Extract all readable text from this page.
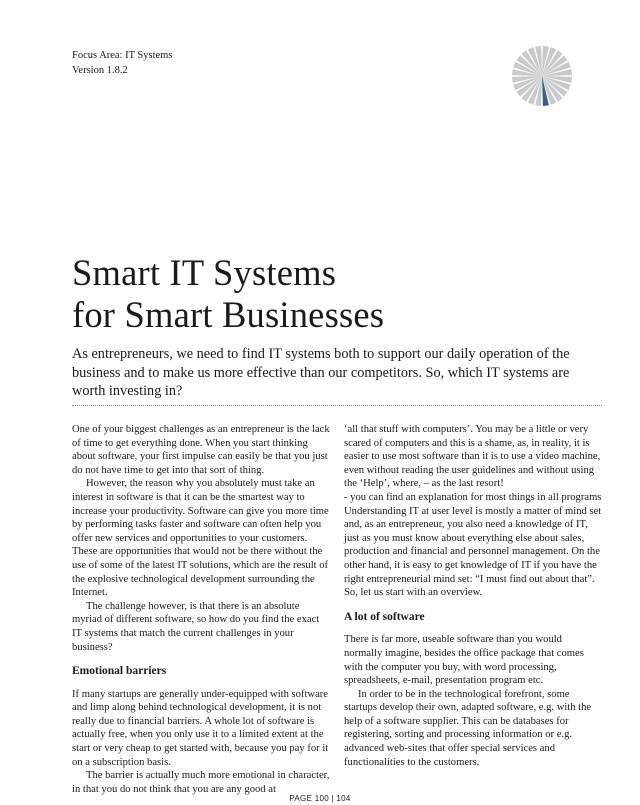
Focus Area: IT Systems
Version 1.8.2
Smart IT Systems
for Smart Businesses

As entrepreneurs, we need to find IT systems both to support our daily operation of the business and to make us more effective than our competitors. So, which IT systems are worth investing in?

One of your biggest challenges as an entrepreneur is the lack of time to get everything done. When you start thinking about software, your first impulse can easily be that you just do not have time to get into that sort of thing.

However, the reason why you absolutely must take an interest in software is that it can be the smartest way to increase your productivity. Software can give you more time by performing tasks faster and software can often help you offer new services and opportunities to your customers. These are opportunities that would not be there without the use of some of the latest IT solutions, which are the result of the explosive technological development surrounding the Internet.

The challenge however, is that there is an absolute myriad of different software, so how do you find the exact IT systems that match the current challenges in your business?

Emotional barriers

If many startups are generally under-equipped with software and limp along behind technological development, it is not really due to financial barriers. A whole lot of software is actually free, when you only use it to a limited extent at the start or very cheap to get started with, because you pay for it on a subscription basis.

The barrier is actually much more emotional in character, in that you do not think that you are any good at

‘all that stuff with computers’. You may be a little or very scared of computers and this is a shame, as, in reality, it is easier to use most software than it is to use a video machine, even without reading the user guidelines and without using the ‘Help’, where, – as the last resort!

- you can find an explanation for most things in all programs

Understanding IT at user level is mostly a matter of mind set and, as an entrepreneur, you also need a knowledge of IT, just as you must know about everything else about sales, production and financial and personnel management. On the other hand, it is easy to get knowledge of IT if you have the right entrepreneurial mind set: “I must find out about that”. So, let us start with an overview.

A lot of software

There is far more, useable software than you would normally imagine, besides the office package that comes with the computer you buy, with word processing, spreadsheets, e-mail, presentation program etc.

In order to be in the technological forefront, some startups develop their own, adapted software, e.g. with the help of a software supplier. This can be databases for registering, sorting and processing information or e.g. advanced web-sites that offer special services and functionalities to the customers.

PAGE 100 | 104
